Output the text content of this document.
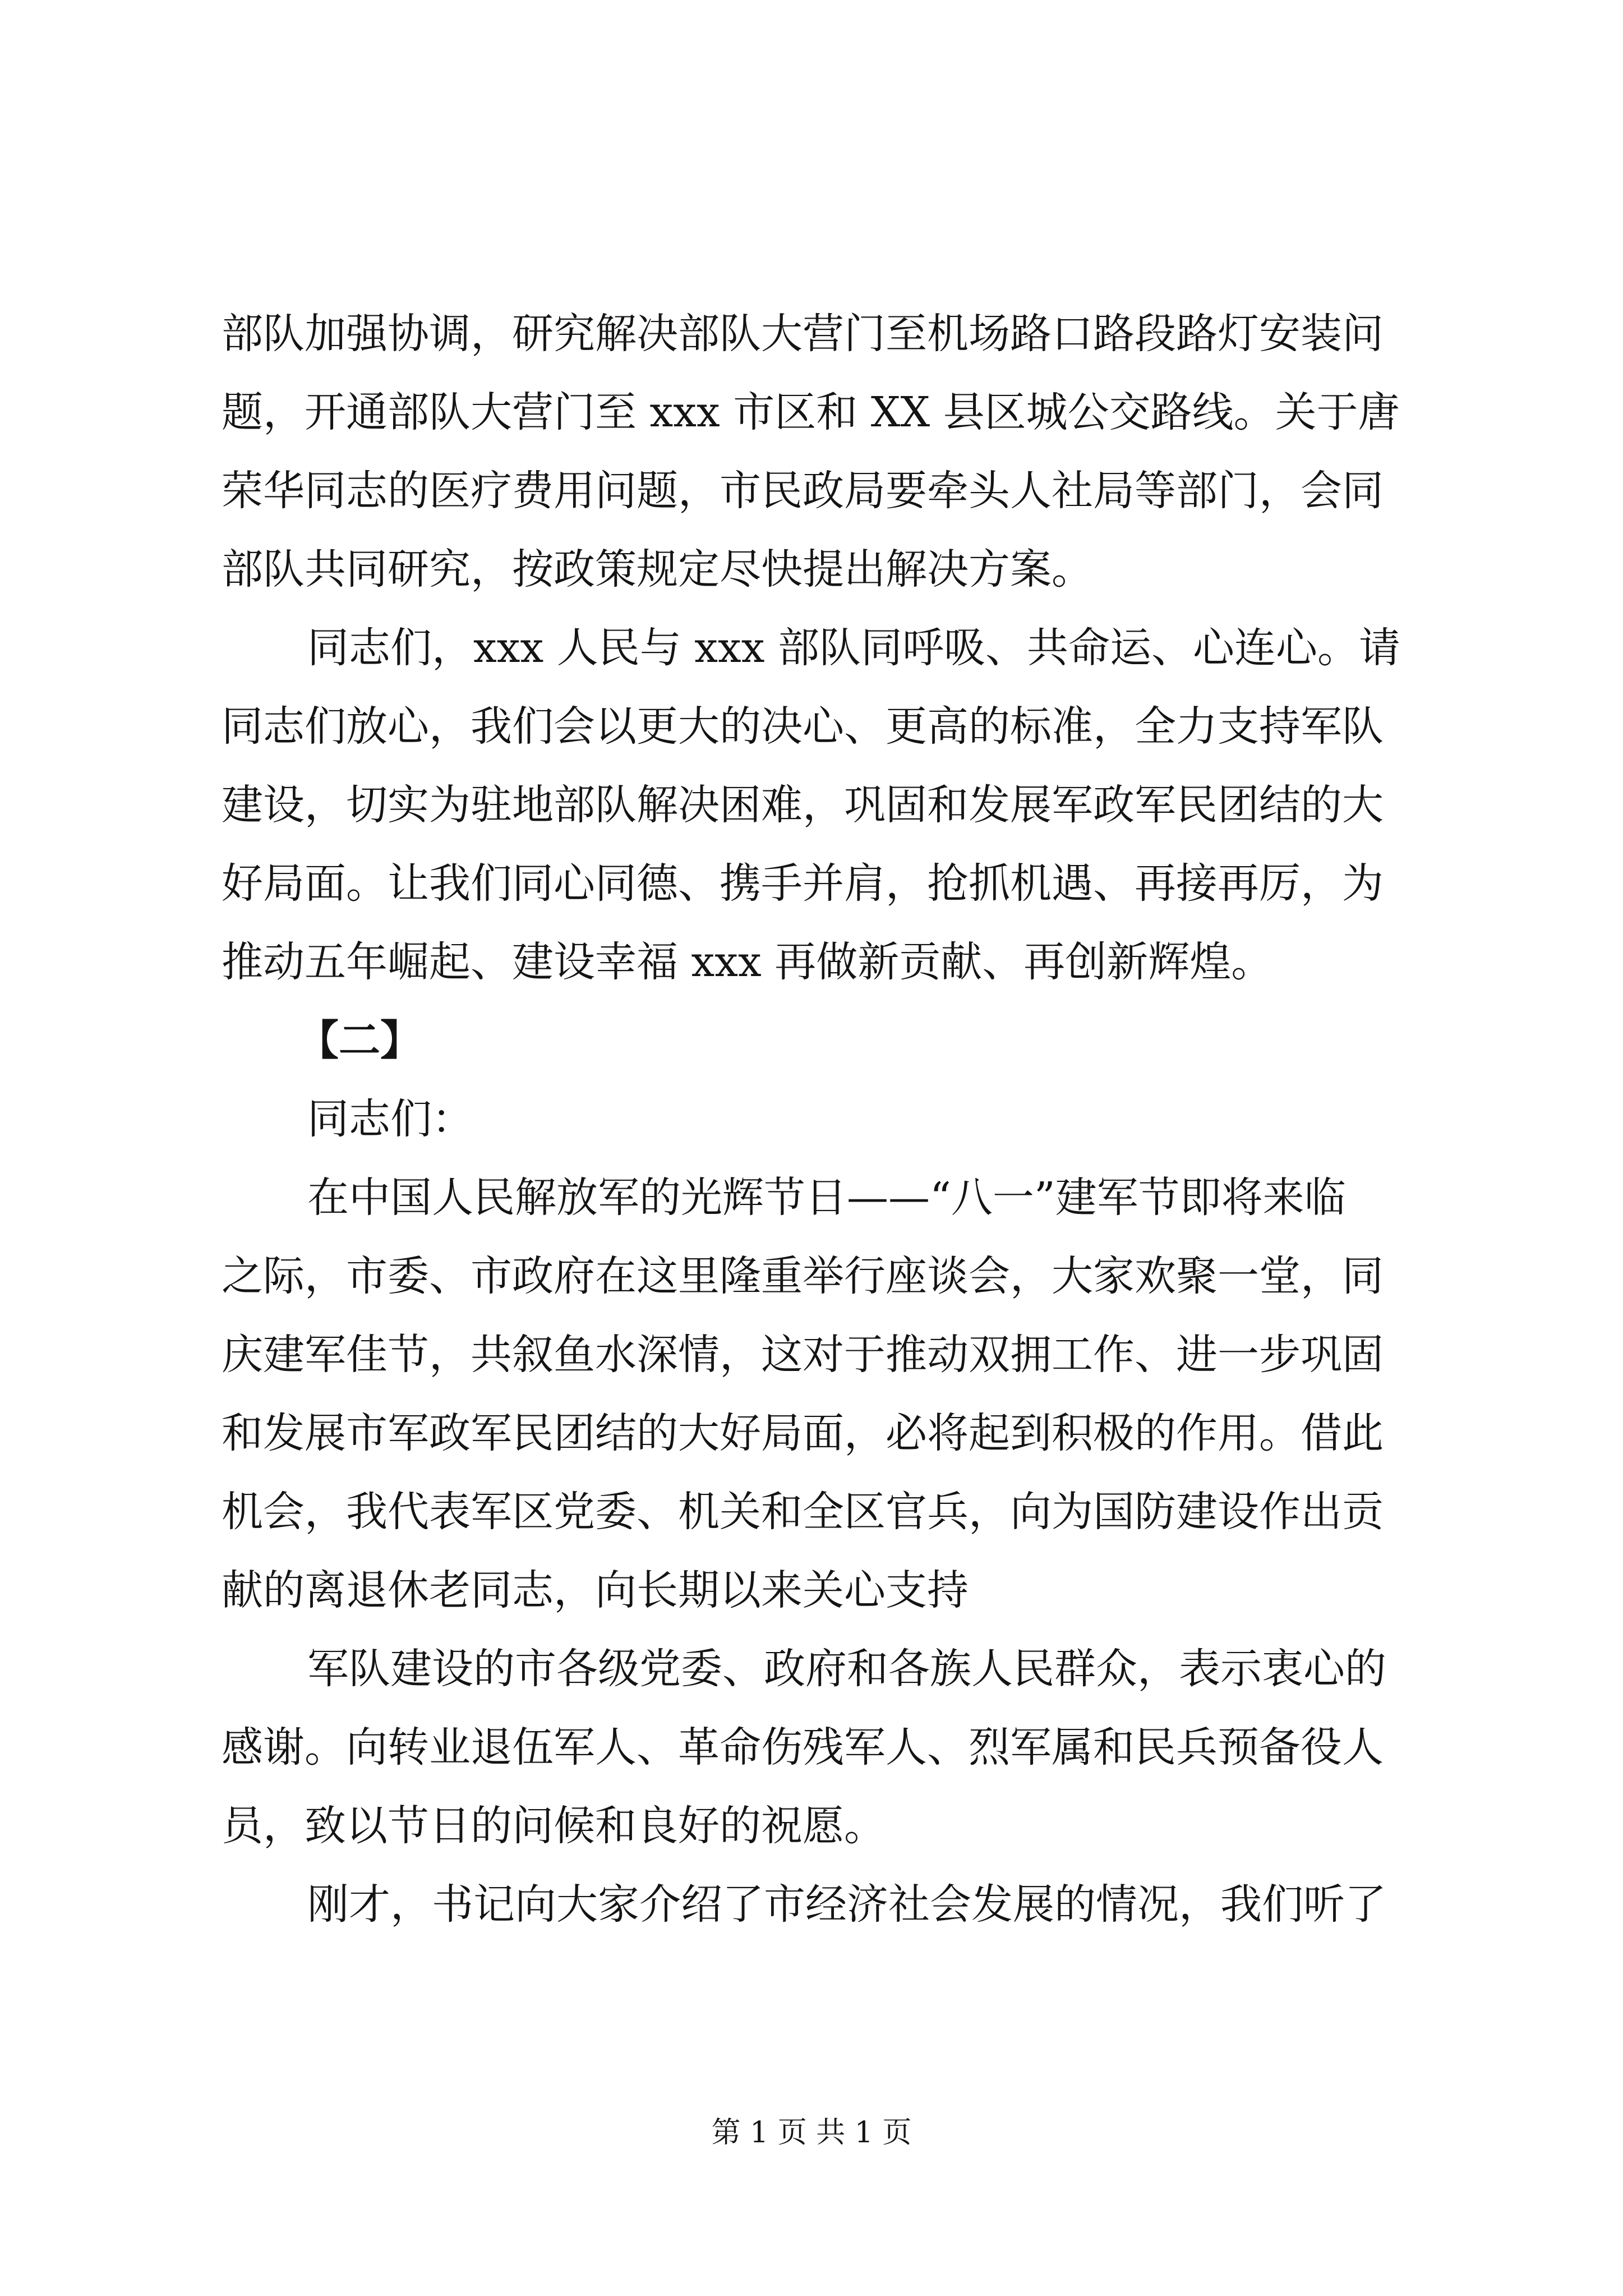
部队加强协调，研究解决部队大营门至机场路口路段路灯安装问

题，开通部队大营门至 xxx 市区和 XX 县区城公交路线。关于唐

荣华同志的医疗费用问题，市民政局要牵头人社局等部门，会同

部队共同研究，按政策规定尽快提出解决方案。

同志们，xxx 人民与 xxx 部队同呼吸、共命运、心连心。请

同志们放心，我们会以更大的决心、更高的标准，全力支持军队

建设，切实为驻地部队解决困难，巩固和发展军政军民团结的大

好局面。让我们同心同德、携手并肩，抢抓机遇、再接再厉，为

推动五年崛起、建设幸福 xxx 再做新贡献、再创新辉煌。

【二】

同志们：

在中国人民解放军的光辉节日——“八一”建军节即将来临

之际，市委、市政府在这里隆重举行座谈会，大家欢聚一堂，同

庆建军佳节，共叙鱼水深情，这对于推动双拥工作、进一步巩固

和发展市军政军民团结的大好局面，必将起到积极的作用。借此

机会，我代表军区党委、机关和全区官兵，向为国防建设作出贡

献的离退休老同志，向长期以来关心支持

军队建设的市各级党委、政府和各族人民群众，表示衷心的

感谢。向转业退伍军人、革命伤残军人、烈军属和民兵预备役人

员，致以节日的问候和良好的祝愿。

刚才，书记向大家介绍了市经济社会发展的情况，我们听了

第 1 页 共 1 页
